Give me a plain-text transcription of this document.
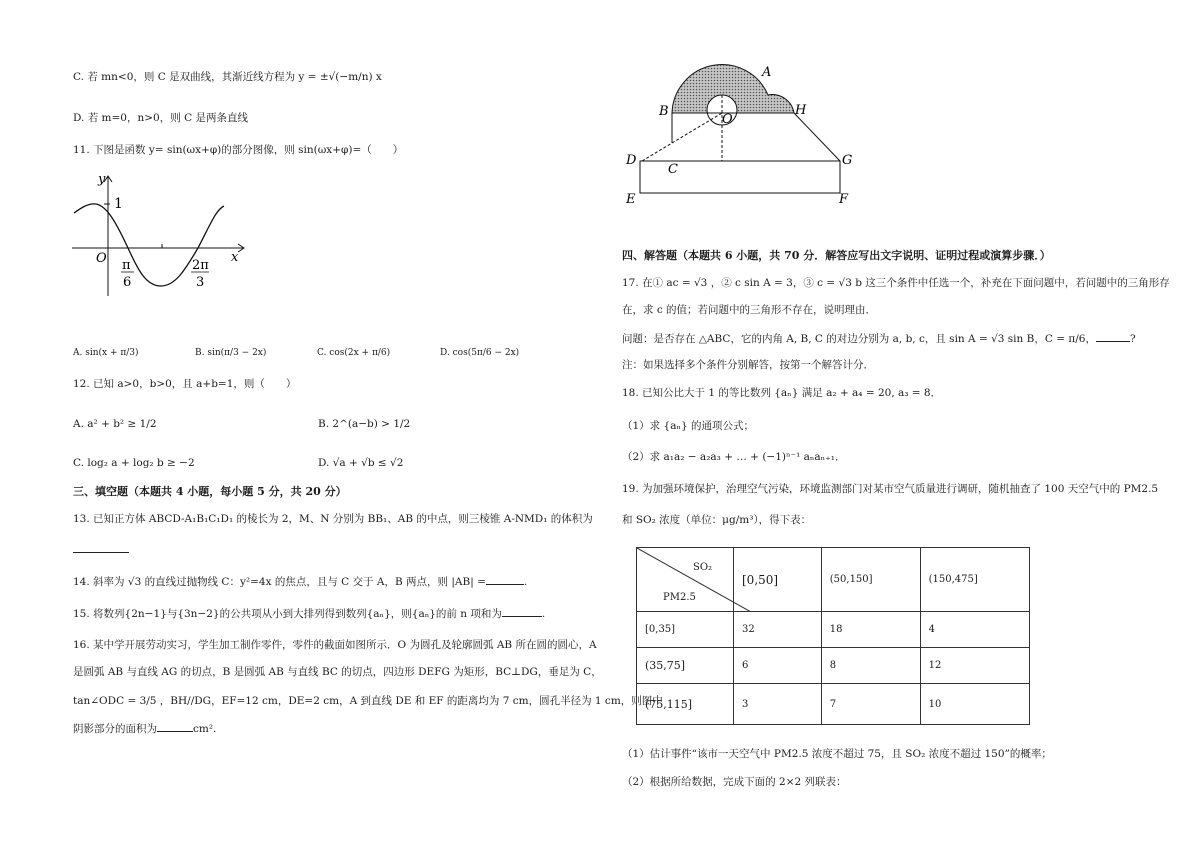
C. 若 mn<0，则 C 是双曲线，其渐近线方程为 y = ±√(−m/n) x
D. 若 m=0，n>0，则 C 是两条直线
11. 下图是函数 y= sin(ωx+φ)的部分图像，则 sin(ωx+φ)=（　　）
y
x
O
1
π
6
2π
3
A. sin(x + π/3)	B. sin(π/3 − 2x)	C. cos(2x + π/6)	D. cos(5π/6 − 2x)
12. 已知 a>0，b>0，且 a+b=1，则（　　）
A. a² + b² ≥ 1/2	B. 2^(a−b) > 1/2
C. log₂ a + log₂ b ≥ −2	D. √a + √b ≤ √2
三、填空题（本题共 4 小题，每小题 5 分，共 20 分）
13. 已知正方体 ABCD-A₁B₁C₁D₁ 的棱长为 2，M、N 分别为 BB₁、AB 的中点，则三棱锥 A-NMD₁ 的体积为
14. 斜率为 √3 的直线过抛物线 C：y²=4x 的焦点，且与 C 交于 A，B 两点，则 |AB| =	.
15. 将数列{2n−1}与{3n−2}的公共项从小到大排列得到数列{aₙ}，则{aₙ}的前 n 项和为	.
16. 某中学开展劳动实习，学生加工制作零件，零件的截面如图所示．O 为圆孔及轮廓圆弧 AB 所在圆的圆心，A
是圆弧 AB 与直线 AG 的切点，B 是圆弧 AB 与直线 BC 的切点，四边形 DEFG 为矩形，BC⊥DG，垂足为 C，
tan∠ODC = 3/5 ，BH//DG，EF=12 cm，DE=2 cm，A 到直线 DE 和 EF 的距离均为 7 cm，圆孔半径为 1 cm，则图中
阴影部分的面积为	cm².
A
B	H
O
C
D	G
E	F
四、解答题（本题共 6 小题，共 70 分．解答应写出文字说明、证明过程或演算步骤．）
17. 在① ac = √3 ，② c sin A = 3，③ c = √3 b 这三个条件中任选一个，补充在下面问题中，若问题中的三角形存
在，求 c 的值；若问题中的三角形不存在，说明理由．
问题：是否存在 △ABC，它的内角 A, B, C 的对边分别为 a, b, c，且 sin A = √3 sin B，C = π/6，	?
注：如果选择多个条件分别解答，按第一个解答计分．
18. 已知公比大于 1 的等比数列 {aₙ} 满足 a₂ + a₄ = 20, a₃ = 8．
（1）求 {aₙ} 的通项公式；
（2）求 a₁a₂ − a₂a₃ + … + (−1)ⁿ⁻¹ aₙaₙ₊₁．
19. 为加强环境保护，治理空气污染，环境监测部门对某市空气质量进行调研，随机抽查了 100 天空气中的 PM2.5
和 SO₂ 浓度（单位：μg/m³），得下表：
SO₂
PM2.5	[0,50]	(50,150]	(150,475]
[0,35]	32	18	4
(35,75]	6	8	12
(75,115]	3	7	10
（1）估计事件“该市一天空气中 PM2.5 浓度不超过 75，且 SO₂ 浓度不超过 150”的概率；
（2）根据所给数据，完成下面的 2×2 列联表：
